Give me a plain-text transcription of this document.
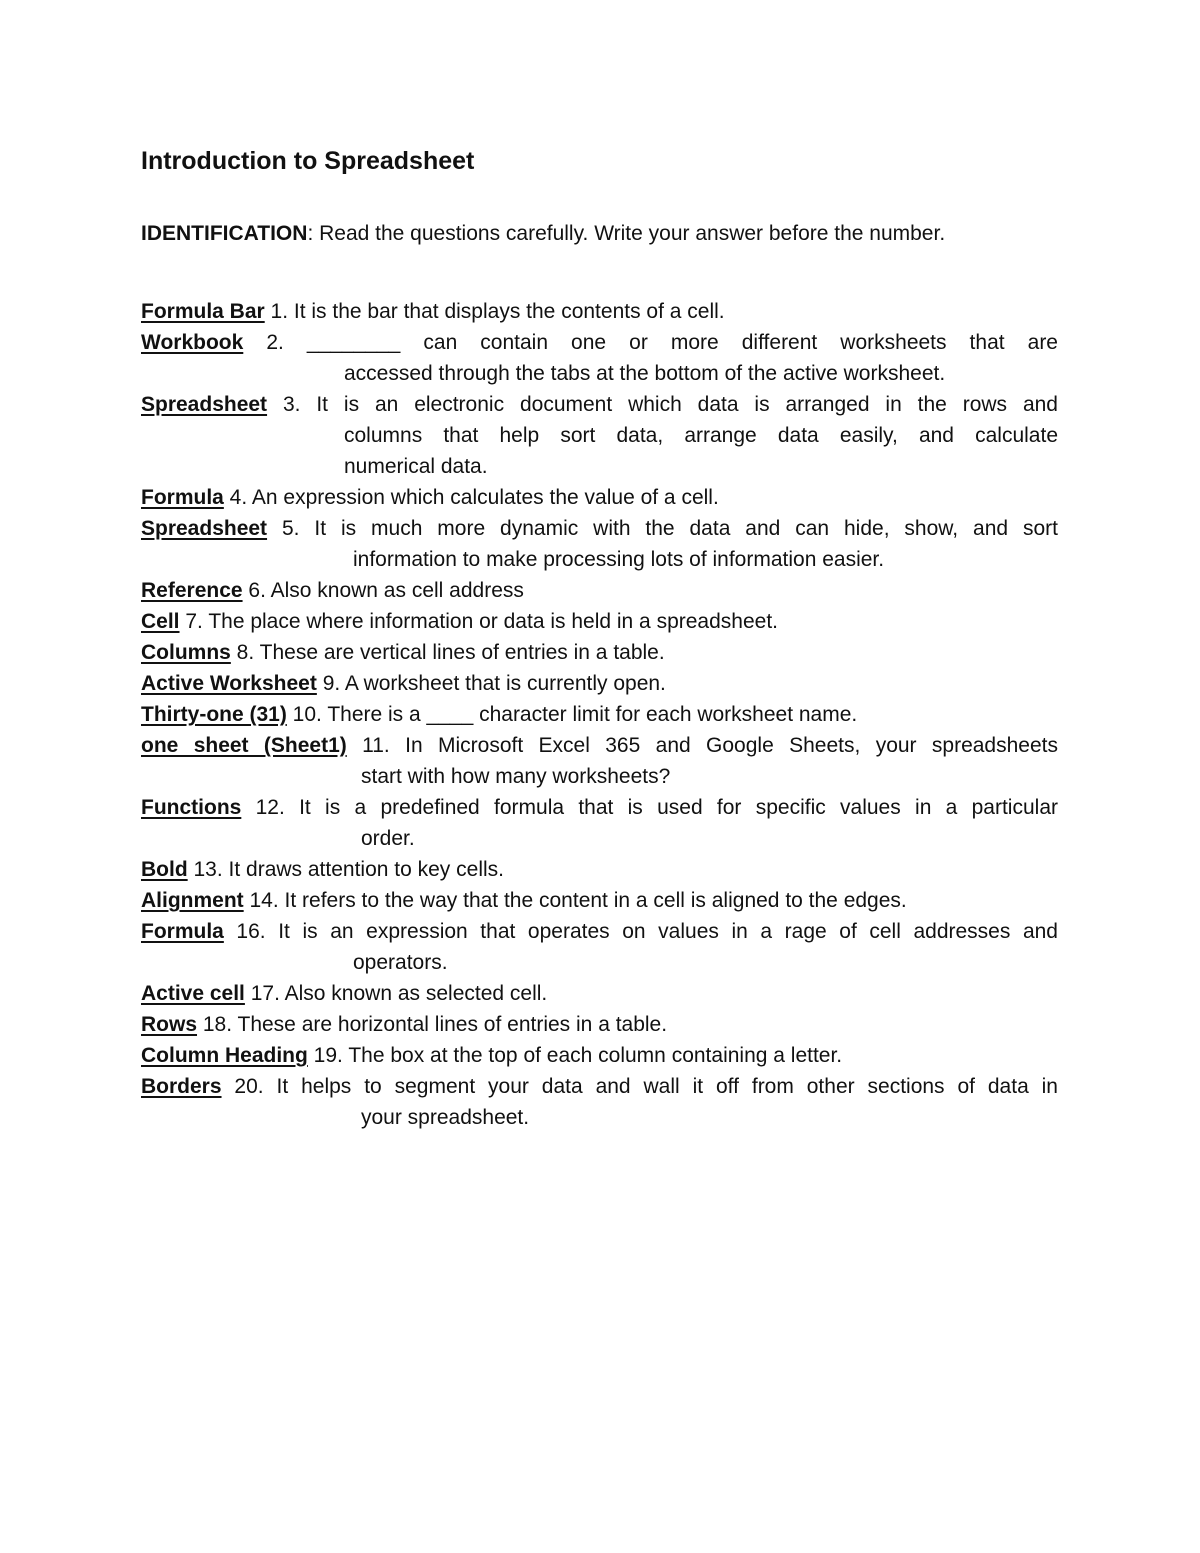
Introduction to Spreadsheet
IDENTIFICATION: Read the questions carefully. Write your answer before the number.
Formula Bar 1. It is the bar that displays the contents of a cell.
Workbook 2. ________ can contain one or more different worksheets that are
accessed through the tabs at the bottom of the active worksheet.
Spreadsheet 3. It is an electronic document which data is arranged in the rows and
columns that help sort data, arrange data easily, and calculate
numerical data.
Formula 4. An expression which calculates the value of a cell.
Spreadsheet 5. It is much more dynamic with the data and can hide, show, and sort
information to make processing lots of information easier.
Reference 6. Also known as cell address
Cell 7. The place where information or data is held in a spreadsheet.
Columns 8. These are vertical lines of entries in a table.
Active Worksheet 9. A worksheet that is currently open.
Thirty-one (31) 10. There is a ____ character limit for each worksheet name.
one sheet (Sheet1) 11. In Microsoft Excel 365 and Google Sheets, your spreadsheets
start with how many worksheets?
Functions 12. It is a predefined formula that is used for specific values in a particular
order.
Bold 13. It draws attention to key cells.
Alignment 14. It refers to the way that the content in a cell is aligned to the edges.
Formula 16. It is an expression that operates on values in a rage of cell addresses and
operators.
Active cell 17. Also known as selected cell.
Rows 18. These are horizontal lines of entries in a table.
Column Heading 19. The box at the top of each column containing a letter.
Borders 20. It helps to segment your data and wall it off from other sections of data in
your spreadsheet.
